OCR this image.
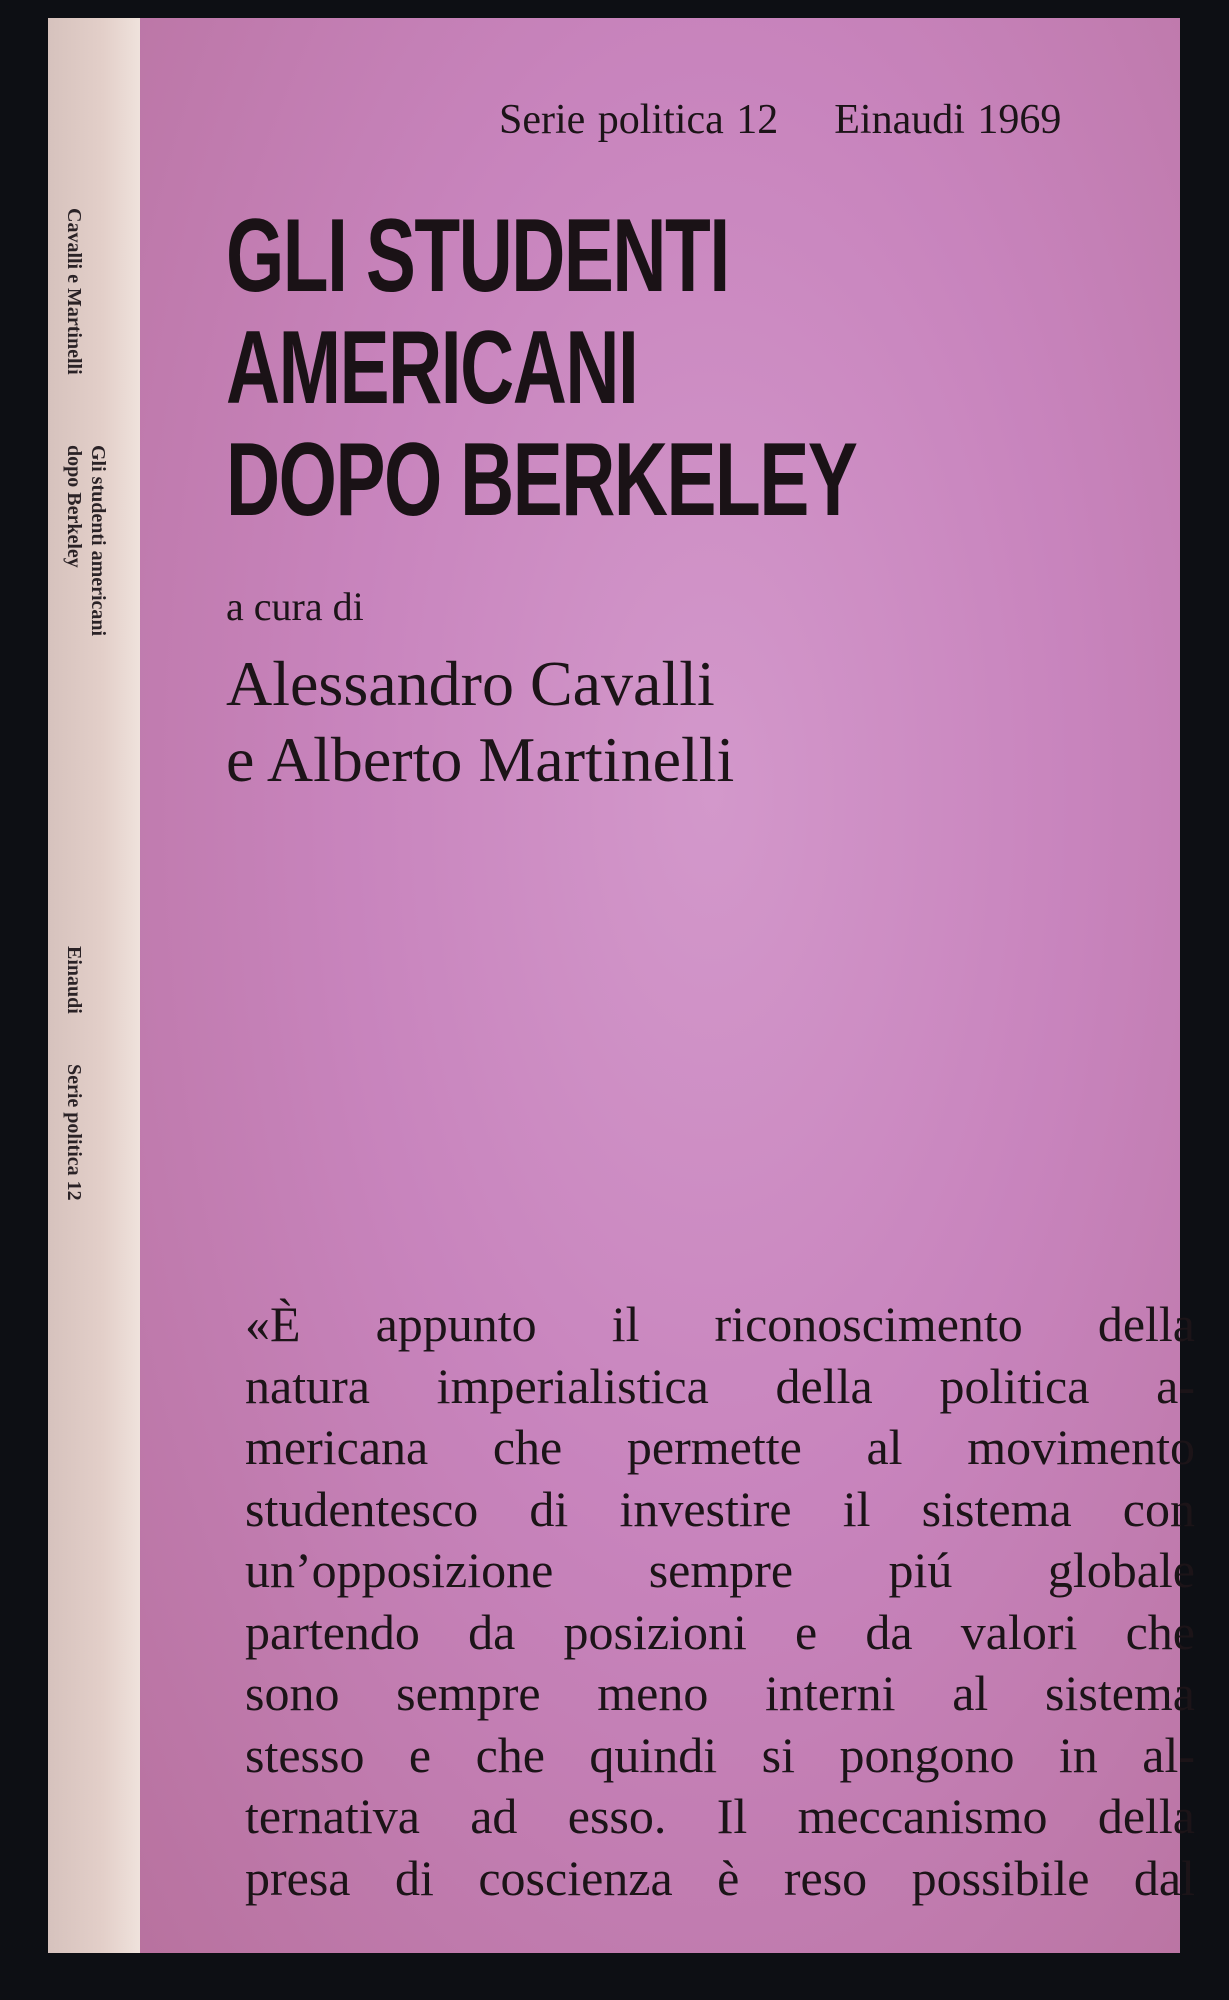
Cavalli e Martinelli  Gli studenti americani
dopo Berkeley  Einaudi  Serie politica 12
Serie politica 12 Einaudi 1969
GLI STUDENTI
AMERICANI
DOPO BERKELEY
a cura di
Alessandro Cavalli
e Alberto Martinelli
«È appunto il riconoscimento della
natura imperialistica della politica a-
mericana che permette al movimento
studentesco di investire il sistema con
un’opposizione sempre piú globale
partendo da posizioni e da valori che
sono sempre meno interni al sistema
stesso e che quindi si pongono in al-
ternativa ad esso. Il meccanismo della
presa di coscienza è reso possibile dal
